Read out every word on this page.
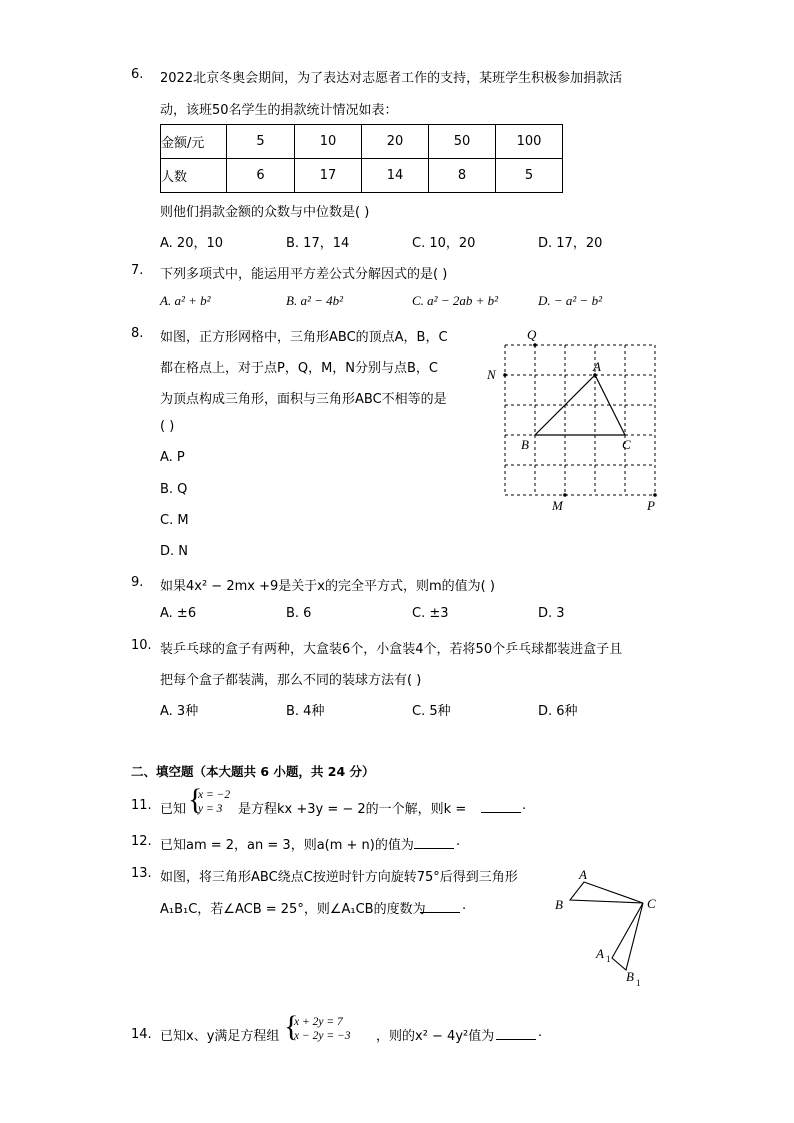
6. 2022北京冬奥会期间，为了表达对志愿者工作的支持，某班学生积极参加捐款活
动，该班50名学生的捐款统计情况如表：
金额/元	5	10	20	50	100
人数	6	17	14	8	5
则他们捐款金额的众数与中位数是( )
A. 20，10	B. 17，14	C. 10，20	D. 17，20
7. 下列多项式中，能运用平方差公式分解因式的是( )
A. a² + b²	B. a² − 4b²	C. a² − 2ab + b²	D. − a² − b²
8. 如图，正方形网格中，三角形ABC的顶点A，B，C
都在格点上，对于点P，Q，M，N分别与点B，C
为顶点构成三角形，面积与三角形ABC不相等的是
( )
A. P
B. Q
C. M
D. N
Q
N
A
B	C
M	P
9. 如果4x² − 2mx +9是关于x的完全平方式，则m的值为( )
A. ±6	B. 6	C. ±3	D. 3
10. 装乒乓球的盒子有两种，大盒装6个，小盒装4个，若将50个乒乓球都装进盒子且
把每个盒子都装满，那么不同的装球方法有( )
A. 3种	B. 4种	C. 5种	D. 6种
二、填空题（本大题共 6 小题，共 24 分）
11. 已知 {
x = −2
y = 3 是方程kx +3y = − 2的一个解，则k =	.
12. 已知am = 2，an = 3，则a(m + n)的值为	.
13. 如图，将三角形ABC绕点C按逆时针方向旋转75°后得到三角形
A₁B₁C，若∠ACB = 25°，则∠A₁CB的度数为	.
A
B	C
A 1
B 1
14. 已知x、y满足方程组 {
x + 2y = 7
x − 2y = −3 ，则的x² − 4y²值为	.
